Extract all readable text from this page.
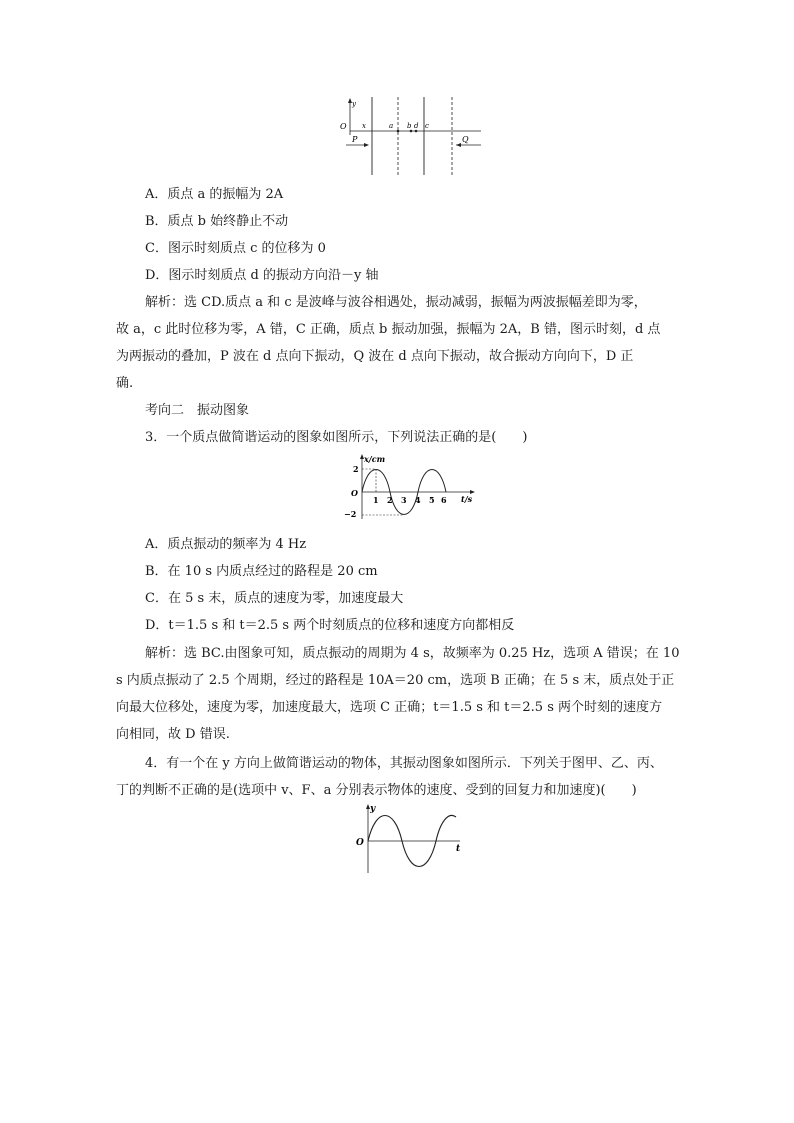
y
O x	a b d c
P	Q
A．质点 a 的振幅为 2A
B．质点 b 始终静止不动
C．图示时刻质点 c 的位移为 0
D．图示时刻质点 d 的振动方向沿－y 轴
解析：选 CD.质点 a 和 c 是波峰与波谷相遇处，振动减弱，振幅为两波振幅差即为零，
故 a，c 此时位移为零，A 错，C 正确，质点 b 振动加强，振幅为 2A，B 错，图示时刻，d 点
为两振动的叠加，P 波在 d 点向下振动，Q 波在 d 点向下振动，故合振动方向向下，D 正
确.
考向二　振动图象
3．一个质点做简谐运动的图象如图所示，下列说法正确的是(　　)
x/cm
t/s
O
2
−2
1 2 3 4 5 6
A．质点振动的频率为 4 Hz
B．在 10 s 内质点经过的路程是 20 cm
C．在 5 s 末，质点的速度为零，加速度最大
D．t＝1.5 s 和 t＝2.5 s 两个时刻质点的位移和速度方向都相反
解析：选 BC.由图象可知，质点振动的周期为 4 s，故频率为 0.25 Hz，选项 A 错误；在 10
s 内质点振动了 2.5 个周期，经过的路程是 10A＝20 cm，选项 B 正确；在 5 s 末，质点处于正
向最大位移处，速度为零，加速度最大，选项 C 正确；t＝1.5 s 和 t＝2.5 s 两个时刻的速度方
向相同，故 D 错误.
4．有一个在 y 方向上做简谐运动的物体，其振动图象如图所示．下列关于图甲、乙、丙、
丁的判断不正确的是(选项中 v、F、a 分别表示物体的速度、受到的回复力和加速度)(　　)
y
O
t
